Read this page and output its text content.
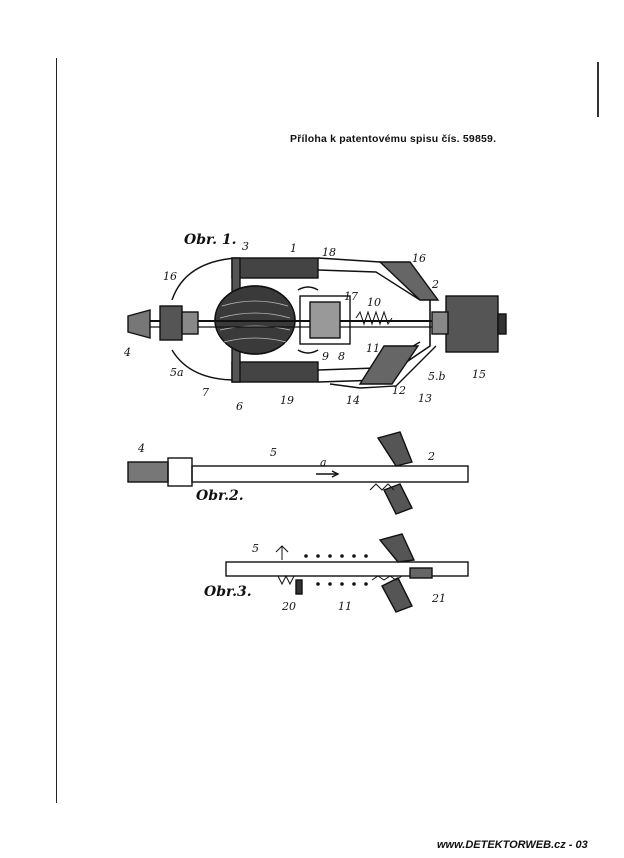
Příloha k patentovému spisu čís. 59859.
Obr. 1. 3	1 18
16
2
16
17 10
4	9 8
11
5a
7
6	19	14
12
13
5.b 15
4	5
a	2
Obr.2.
5
Obr.3.
20	11
21
www.DETEKTORWEB.cz - 03
